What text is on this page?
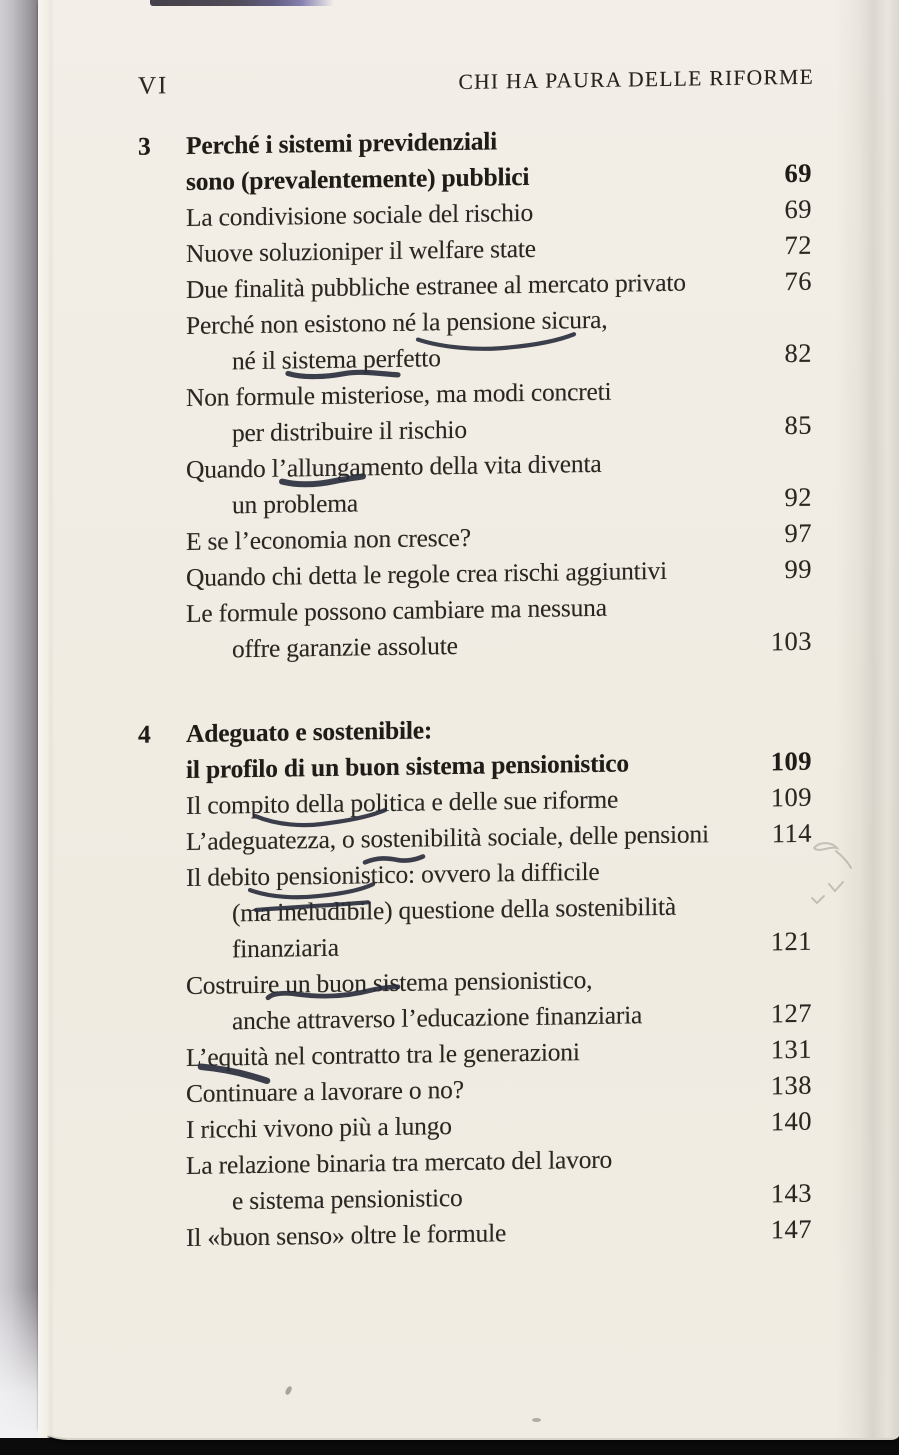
VI	CHI HA PAURA DELLE RIFORME
3 Perché i sistemi previdenziali
sono (prevalentemente) pubblici	69
La condivisione sociale del rischio	69
Nuove soluzioniper il welfare state	72
Due finalità pubbliche estranee al mercato privato	76
Perché non esistono né la pensione sicura,
né il sistema perfetto	82
Non formule misteriose, ma modi concreti
per distribuire il rischio	85
Quando l’allungamento della vita diventa
un problema	92
E se l’economia non cresce?	97
Quando chi detta le regole crea rischi aggiuntivi	99
Le formule possono cambiare ma nessuna
offre garanzie assolute	103
4 Adeguato e sostenibile:
il profilo di un buon sistema pensionistico	109
Il compito della politica e delle sue riforme	109
L’adeguatezza, o sostenibilità sociale, delle pensioni	114
Il debito pensionistico: ovvero la difficile
(ma ineludibile) questione della sostenibilità
finanziaria	121
Costruire un buon sistema pensionistico,
anche attraverso l’educazione finanziaria	127
L’equità nel contratto tra le generazioni	131
Continuare a lavorare o no?	138
I ricchi vivono più a lungo	140
La relazione binaria tra mercato del lavoro
e sistema pensionistico	143
Il «buon senso» oltre le formule	147
